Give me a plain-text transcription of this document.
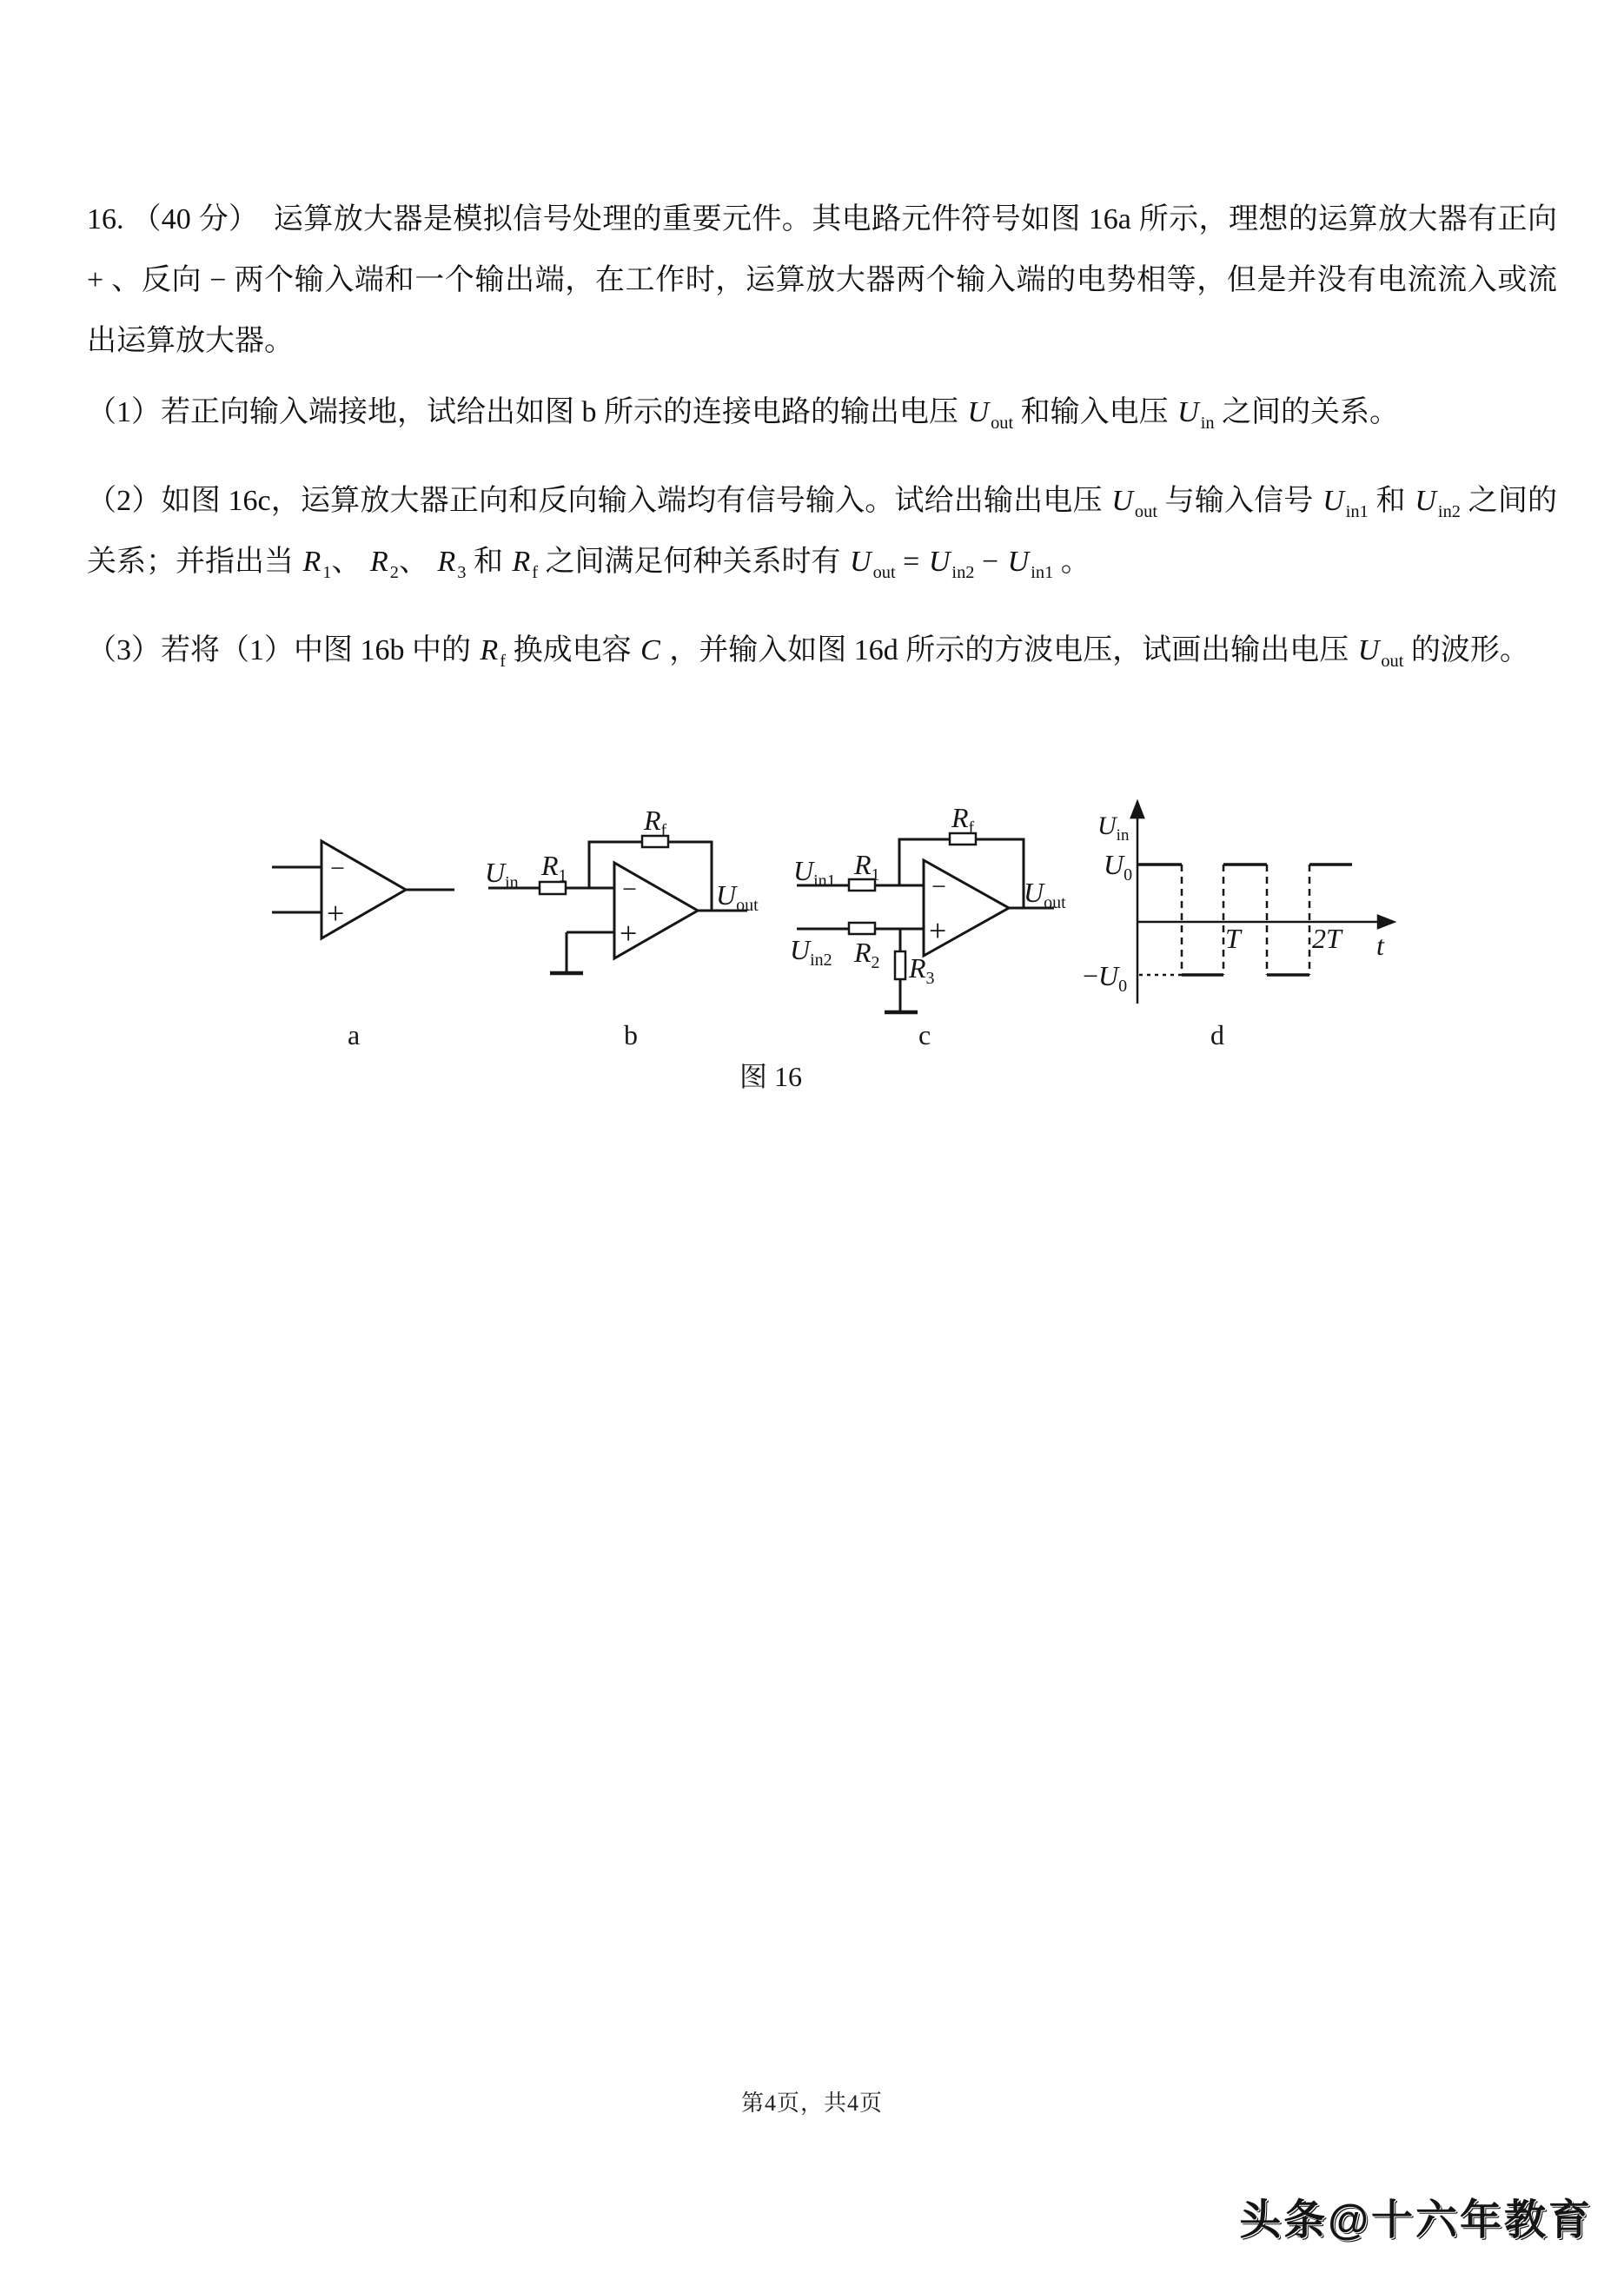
16. （40 分）　运算放大器是模拟信号处理的重要元件。其电路元件符号如图 16a 所示，理想的运算放大器有正向 + 、反向 − 两个输入端和一个输出端，在工作时，运算放大器两个输入端的电势相等，但是并没有电流流入或流出运算放大器。

（1）若正向输入端接地，试给出如图 b 所示的连接电路的输出电压 $U_{out}$ 和输入电压 $U_{in}$ 之间的关系。

（2）如图 16c，运算放大器正向和反向输入端均有信号输入。试给出输出电压 $U_{out}$ 与输入信号 $U_{in1}$ 和 $U_{in2}$ 之间的关系；并指出当 $R_1$、 $R_2$、 $R_3$ 和 $R_f$ 之间满足何种关系时有 $U_{out} = U_{in2} - U_{in1}$ 。

（3）若将（1）中图 16b 中的 $R_f$ 换成电容 C ，并输入如图 16d 所示的方波电压，试画出输出电压 $U_{out}$ 的波形。

−
+
a
−
+
$U_{in}$
$R_1$
$R_f$
$U_{out}$
b
−
+
$U_{in1}$
$R_1$
$R_f$
$U_{in2}$ $R_2$ $R_3$
$U_{out}$
c
$U_{in}$
$U_0$
$-U_0$
T	2T t
d
图 16
第4页，共4页
头条@十六年教育
